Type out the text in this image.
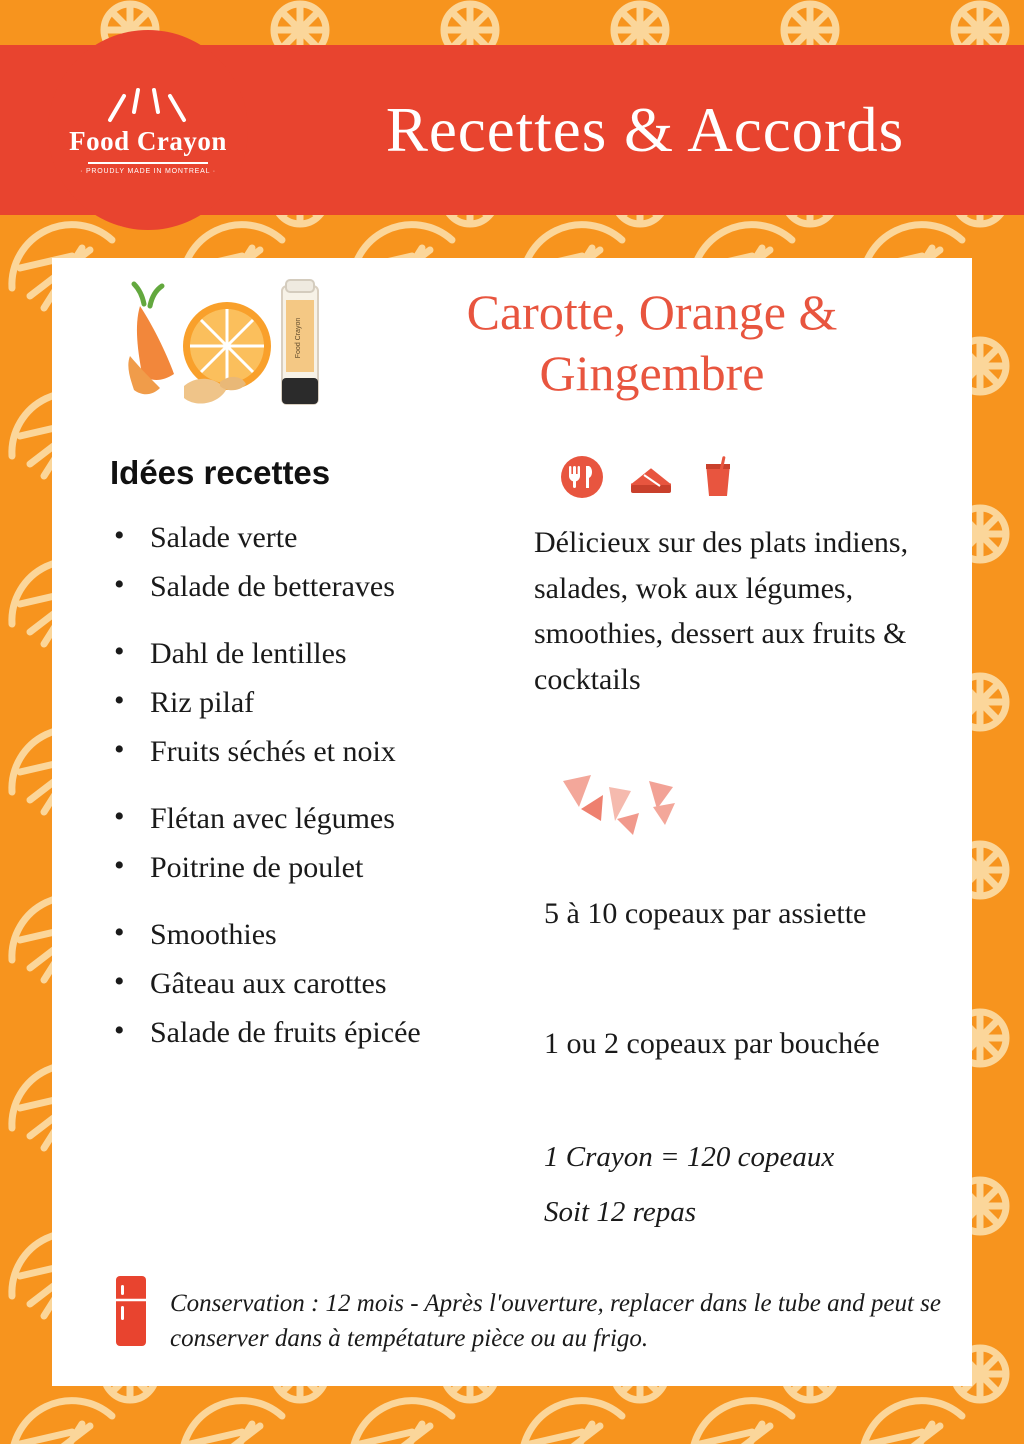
Recettes & Accords
Food Crayon
· PROUDLY MADE IN MONTREAL ·
Food Crayon	Carotte, Orange & Gingembre
Idées recettes
• Salade verte
• Salade de betteraves
• Dahl de lentilles
• Riz pilaf
• Fruits séchés et noix
• Flétan avec légumes
• Poitrine de poulet
• Smoothies
• Gâteau aux carottes
• Salade de fruits épicée
Délicieux sur des plats indiens, salades, wok aux légumes, smoothies, dessert aux fruits & cocktails
5 à 10 copeaux par assiette
1 ou 2 copeaux par bouchée
1 Crayon = 120 copeaux
Soit 12 repas
Conservation : 12 mois - Après l'ouverture, replacer dans le tube and peut se conserver dans à tempétature pièce ou au frigo.
